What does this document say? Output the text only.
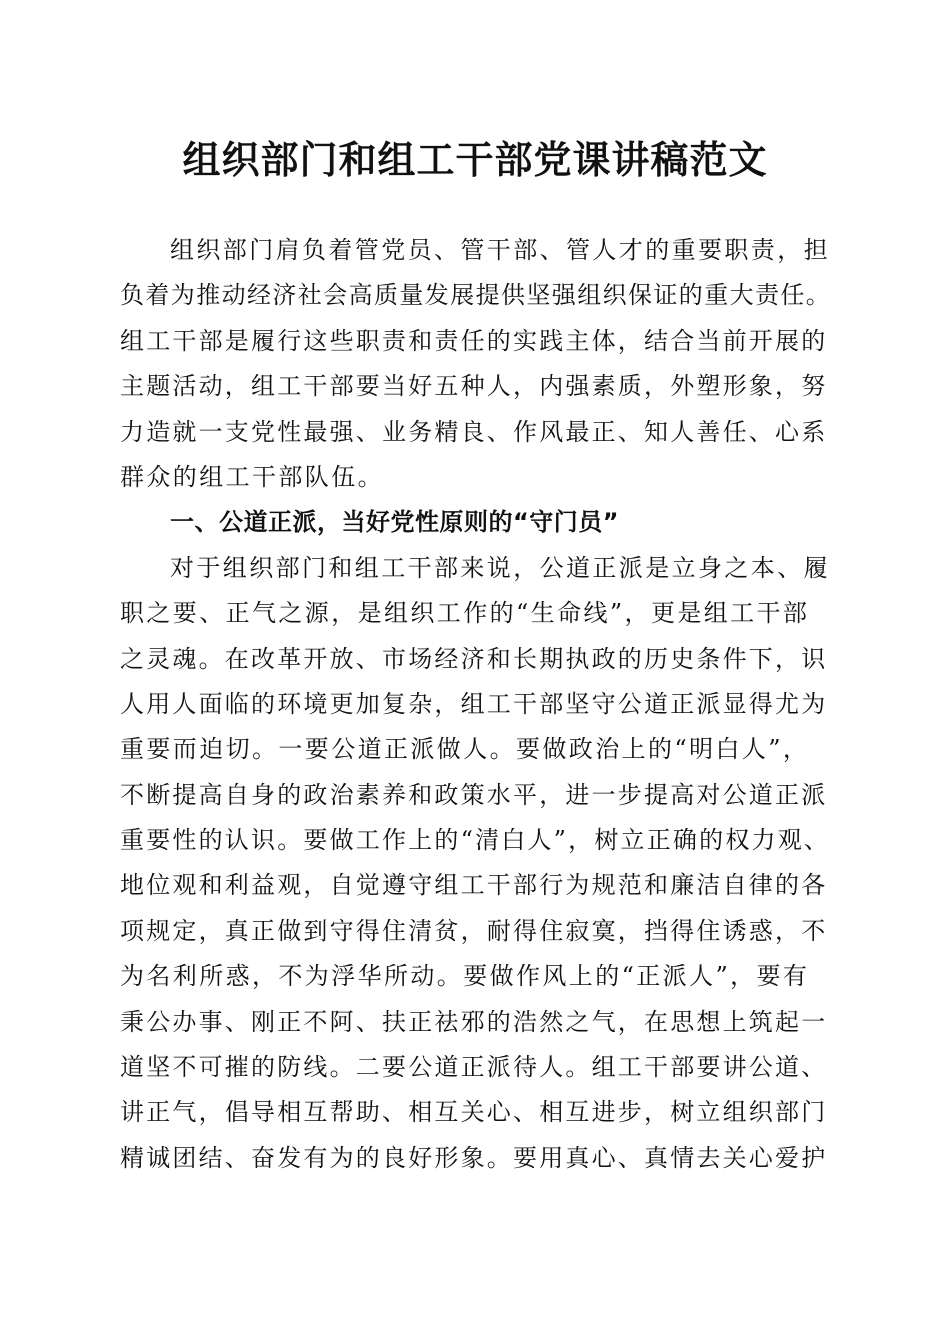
组织部门和组工干部党课讲稿范文
组织部门肩负着管党员、管干部、管人才的重要职责，担
负着为推动经济社会高质量发展提供坚强组织保证的重大责任。
组工干部是履行这些职责和责任的实践主体，结合当前开展的
主题活动，组工干部要当好五种人，内强素质，外塑形象，努
力造就一支党性最强、业务精良、作风最正、知人善任、心系
群众的组工干部队伍。
一、公道正派，当好党性原则的“守门员”
对于组织部门和组工干部来说，公道正派是立身之本、履
职之要、正气之源，是组织工作的“生命线”，更是组工干部
之灵魂。在改革开放、市场经济和长期执政的历史条件下，识
人用人面临的环境更加复杂，组工干部坚守公道正派显得尤为
重要而迫切。一要公道正派做人。要做政治上的“明白人”，
不断提高自身的政治素养和政策水平，进一步提高对公道正派
重要性的认识。要做工作上的“清白人”，树立正确的权力观、
地位观和利益观，自觉遵守组工干部行为规范和廉洁自律的各
项规定，真正做到守得住清贫，耐得住寂寞，挡得住诱惑，不
为名利所惑，不为浮华所动。要做作风上的“正派人”，要有
秉公办事、刚正不阿、扶正祛邪的浩然之气，在思想上筑起一
道坚不可摧的防线。二要公道正派待人。组工干部要讲公道、
讲正气，倡导相互帮助、相互关心、相互进步，树立组织部门
精诚团结、奋发有为的良好形象。要用真心、真情去关心爱护
